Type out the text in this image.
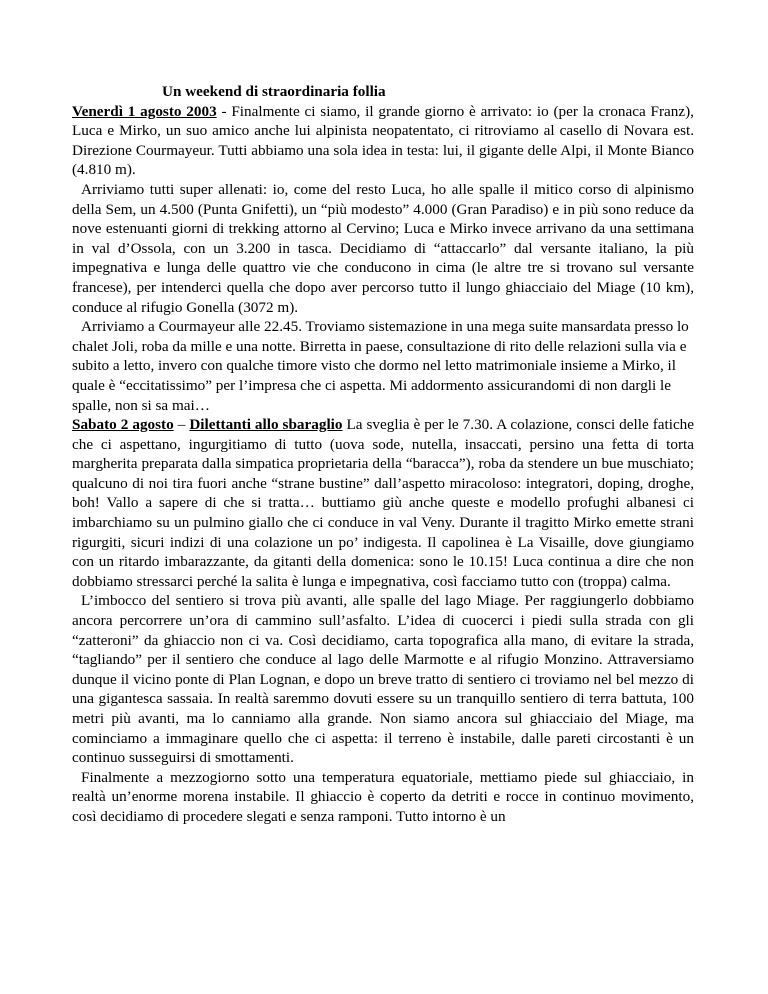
Un weekend di straordinaria follia

Venerdì 1 agosto 2003 - Finalmente ci siamo, il grande giorno è arrivato: io (per la cronaca Franz), Luca e Mirko, un suo amico anche lui alpinista neopatentato, ci ritroviamo al casello di Novara est. Direzione Courmayeur. Tutti abbiamo una sola idea in testa: lui, il gigante delle Alpi, il Monte Bianco (4.810 m).

Arriviamo tutti super allenati: io, come del resto Luca, ho alle spalle il mitico corso di alpinismo della Sem, un 4.500 (Punta Gnifetti), un “più modesto” 4.000 (Gran Paradiso) e in più sono reduce da nove estenuanti giorni di trekking attorno al Cervino; Luca e Mirko invece arrivano da una settimana in val d’Ossola, con un 3.200 in tasca. Decidiamo di “attaccarlo” dal versante italiano, la più impegnativa e lunga delle quattro vie che conducono in cima (le altre tre si trovano sul versante francese), per intenderci quella che dopo aver percorso tutto il lungo ghiacciaio del Miage (10 km), conduce al rifugio Gonella (3072 m).

Arriviamo a Courmayeur alle 22.45. Troviamo sistemazione in una mega suite mansardata presso lo chalet Joli, roba da mille e una notte. Birretta in paese, consultazione di rito delle relazioni sulla via e subito a letto, invero con qualche timore visto che dormo nel letto matrimoniale insieme a Mirko, il quale è “eccitatissimo” per l’impresa che ci aspetta. Mi addormento assicurandomi di non dargli le spalle, non si sa mai…

Sabato 2 agosto – Dilettanti allo sbaraglio La sveglia è per le 7.30. A colazione, consci delle fatiche che ci aspettano, ingurgitiamo di tutto (uova sode, nutella, insaccati, persino una fetta di torta margherita preparata dalla simpatica proprietaria della “baracca”), roba da stendere un bue muschiato; qualcuno di noi tira fuori anche “strane bustine” dall’aspetto miracoloso: integratori, doping, droghe, boh! Vallo a sapere di che si tratta… buttiamo giù anche queste e modello profughi albanesi ci imbarchiamo su un pulmino giallo che ci conduce in val Veny. Durante il tragitto Mirko emette strani rigurgiti, sicuri indizi di una colazione un po’ indigesta. Il capolinea è La Visaille, dove giungiamo con un ritardo imbarazzante, da gitanti della domenica: sono le 10.15! Luca continua a dire che non dobbiamo stressarci perché la salita è lunga e impegnativa, così facciamo tutto con (troppa) calma.

L’imbocco del sentiero si trova più avanti, alle spalle del lago Miage. Per raggiungerlo dobbiamo ancora percorrere un’ora di cammino sull’asfalto. L’idea di cuocerci i piedi sulla strada con gli “zatteroni” da ghiaccio non ci va. Così decidiamo, carta topografica alla mano, di evitare la strada, “tagliando” per il sentiero che conduce al lago delle Marmotte e al rifugio Monzino. Attraversiamo dunque il vicino ponte di Plan Lognan, e dopo un breve tratto di sentiero ci troviamo nel bel mezzo di una gigantesca sassaia. In realtà saremmo dovuti essere su un tranquillo sentiero di terra battuta, 100 metri più avanti, ma lo canniamo alla grande. Non siamo ancora sul ghiacciaio del Miage, ma cominciamo a immaginare quello che ci aspetta: il terreno è instabile, dalle pareti circostanti è un continuo susseguirsi di smottamenti.

Finalmente a mezzogiorno sotto una temperatura equatoriale, mettiamo piede sul ghiacciaio, in realtà un’enorme morena instabile. Il ghiaccio è coperto da detriti e rocce in continuo movimento, così decidiamo di procedere slegati e senza ramponi. Tutto intorno è un
